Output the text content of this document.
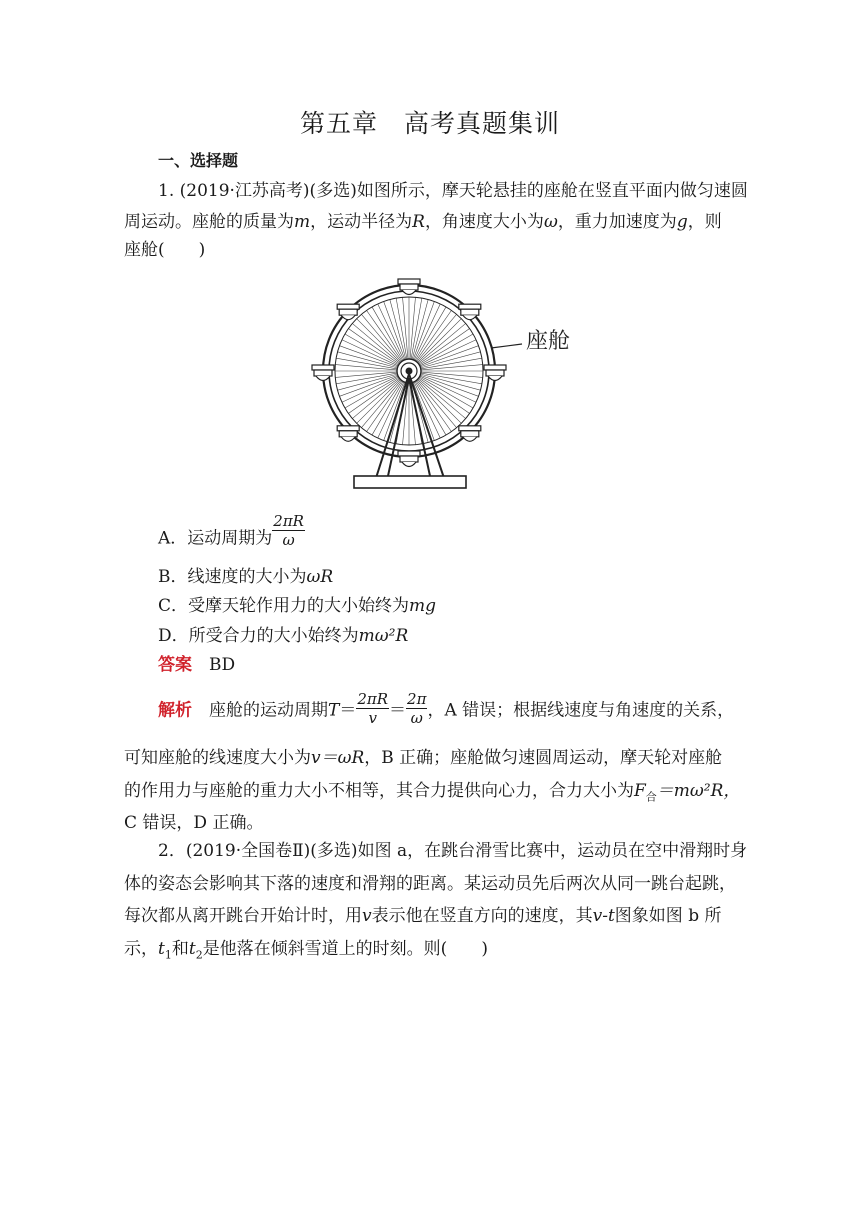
第五章 高考真题集训
一、选择题
1. (2019·江苏高考)(多选)如图所示，摩天轮悬挂的座舱在竖直平面内做匀速圆
周运动。座舱的质量为m，运动半径为R，角速度大小为ω，重力加速度为g，则
座舱(　　)
座舱
A．运动周期为 $\frac{2\pi R}{\omega}$
B．线速度的大小为ωR
C．受摩天轮作用力的大小始终为mg
D．所受合力的大小始终为mω²R
答案　 BD
解析　 座舱的运动周期$T= \frac{2\pi R}{v} = \frac{2\pi}{\omega}$ ，A 错误；根据线速度与角速度的关系，
可知座舱的线速度大小为v＝ωR，B 正确；座舱做匀速圆周运动，摩天轮对座舱
的作用力与座舱的重力大小不相等，其合力提供向心力，合力大小为$F_合=m\omega^2R$，
C 错误，D 正确。
2．(2019·全国卷Ⅱ)(多选)如图 a，在跳台滑雪比赛中，运动员在空中滑翔时身
体的姿态会影响其下落的速度和滑翔的距离。某运动员先后两次从同一跳台起跳，
每次都从离开跳台开始计时，用v表示他在竖直方向的速度，其v-t图象如图 b 所
示，$t_1$和$t_2$是他落在倾斜雪道上的时刻。则(　　)
